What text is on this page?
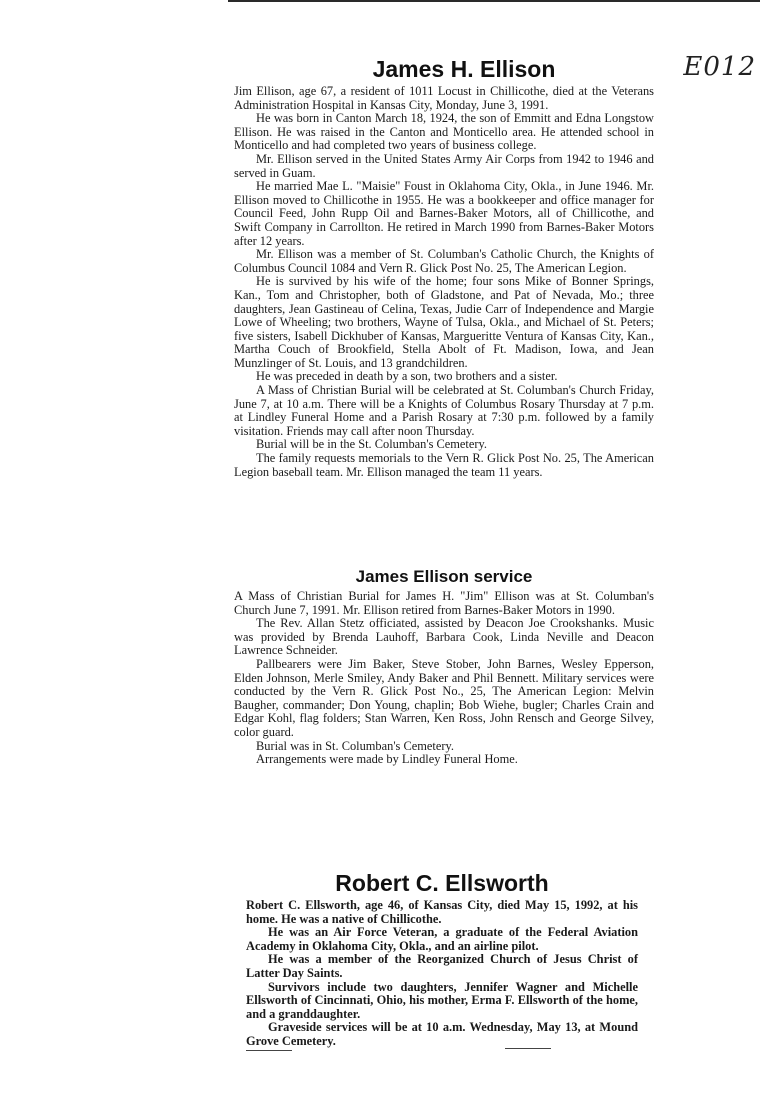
E012
James H. Ellison

Jim Ellison, age 67, a resident of 1011 Locust in Chillicothe, died at the Veterans Administration Hospital in Kansas City, Monday, June 3, 1991.

He was born in Canton March 18, 1924, the son of Emmitt and Edna Longstow Ellison. He was raised in the Canton and Monticello area. He attended school in Monticello and had completed two years of business college.

Mr. Ellison served in the United States Army Air Corps from 1942 to 1946 and served in Guam.

He married Mae L. "Maisie" Foust in Oklahoma City, Okla., in June 1946. Mr. Ellison moved to Chillicothe in 1955. He was a bookkeeper and office manager for Council Feed, John Rupp Oil and Barnes-Baker Motors, all of Chillicothe, and Swift Company in Carrollton. He retired in March 1990 from Barnes-Baker Motors after 12 years.

Mr. Ellison was a member of St. Columban's Catholic Church, the Knights of Columbus Council 1084 and Vern R. Glick Post No. 25, The American Legion.

He is survived by his wife of the home; four sons Mike of Bonner Springs, Kan., Tom and Christopher, both of Gladstone, and Pat of Nevada, Mo.; three daughters, Jean Gastineau of Celina, Texas, Judie Carr of Independence and Margie Lowe of Wheeling; two brothers, Wayne of Tulsa, Okla., and Michael of St. Peters; five sisters, Isabell Dickhuber of Kansas, Margueritte Ventura of Kansas City, Kan., Martha Couch of Brookfield, Stella Abolt of Ft. Madison, Iowa, and Jean Munzlinger of St. Louis, and 13 grandchildren.

He was preceded in death by a son, two brothers and a sister.

A Mass of Christian Burial will be celebrated at St. Columban's Church Friday, June 7, at 10 a.m. There will be a Knights of Columbus Rosary Thursday at 7 p.m. at Lindley Funeral Home and a Parish Rosary at 7:30 p.m. followed by a family visitation. Friends may call after noon Thursday.

Burial will be in the St. Columban's Cemetery.

The family requests memorials to the Vern R. Glick Post No. 25, The American Legion baseball team. Mr. Ellison managed the team 11 years.

James Ellison service

A Mass of Christian Burial for James H. "Jim" Ellison was at St. Columban's Church June 7, 1991. Mr. Ellison retired from Barnes-Baker Motors in 1990.

The Rev. Allan Stetz officiated, assisted by Deacon Joe Crookshanks. Music was provided by Brenda Lauhoff, Barbara Cook, Linda Neville and Deacon Lawrence Schneider.

Pallbearers were Jim Baker, Steve Stober, John Barnes, Wesley Epperson, Elden Johnson, Merle Smiley, Andy Baker and Phil Bennett. Military services were conducted by the Vern R. Glick Post No., 25, The American Legion: Melvin Baugher, commander; Don Young, chaplin; Bob Wiehe, bugler; Charles Crain and Edgar Kohl, flag folders; Stan Warren, Ken Ross, John Rensch and George Silvey, color guard.

Burial was in St. Columban's Cemetery.

Arrangements were made by Lindley Funeral Home.

Robert C. Ellsworth

Robert C. Ellsworth, age 46, of Kansas City, died May 15, 1992, at his home. He was a native of Chillicothe.

He was an Air Force Veteran, a graduate of the Federal Aviation Academy in Oklahoma City, Okla., and an airline pilot.

He was a member of the Reorganized Church of Jesus Christ of Latter Day Saints.

Survivors include two daughters, Jennifer Wagner and Michelle Ellsworth of Cincinnati, Ohio, his mother, Erma F. Ellsworth of the home, and a granddaughter.

Graveside services will be at 10 a.m. Wednesday, May 13, at Mound Grove Cemetery.
